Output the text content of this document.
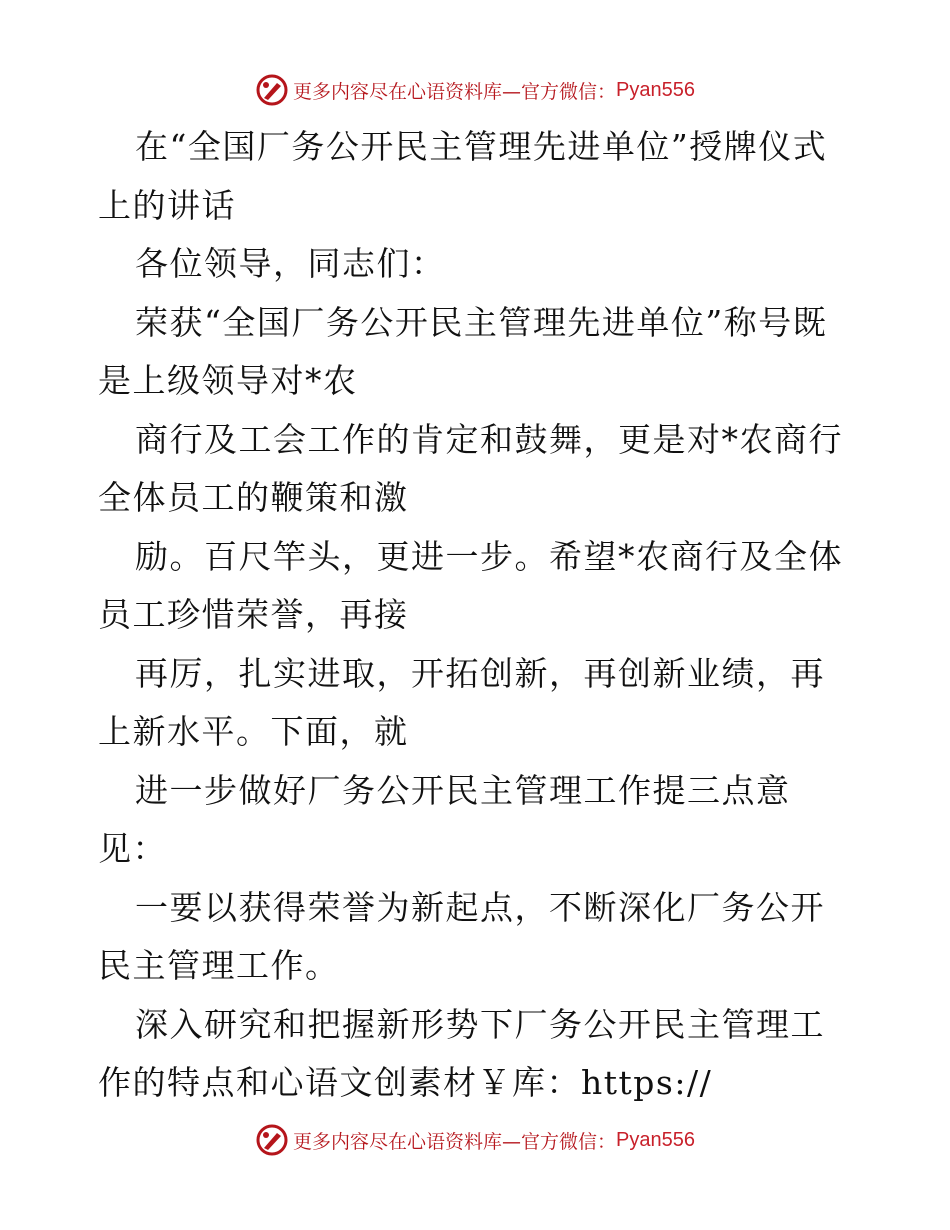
更多内容尽在心语资料库—官方微信： Pyan556

在“全国厂务公开民主管理先进单位”授牌仪式上的讲话

各位领导，同志们：

荣获“全国厂务公开民主管理先进单位”称号既是上级领导对*农

商行及工会工作的肯定和鼓舞，更是对*农商行全体员工的鞭策和激

励。百尺竿头，更进一步。希望*农商行及全体员工珍惜荣誉，再接

再厉，扎实进取，开拓创新，再创新业绩，再上新水平。下面，就

进一步做好厂务公开民主管理工作提三点意见：

一要以获得荣誉为新起点，不断深化厂务公开民主管理工作。

深入研究和把握新形势下厂务公开民主管理工作的特点和心语文创素材￥库：https://

更多内容尽在心语资料库—官方微信： Pyan556
